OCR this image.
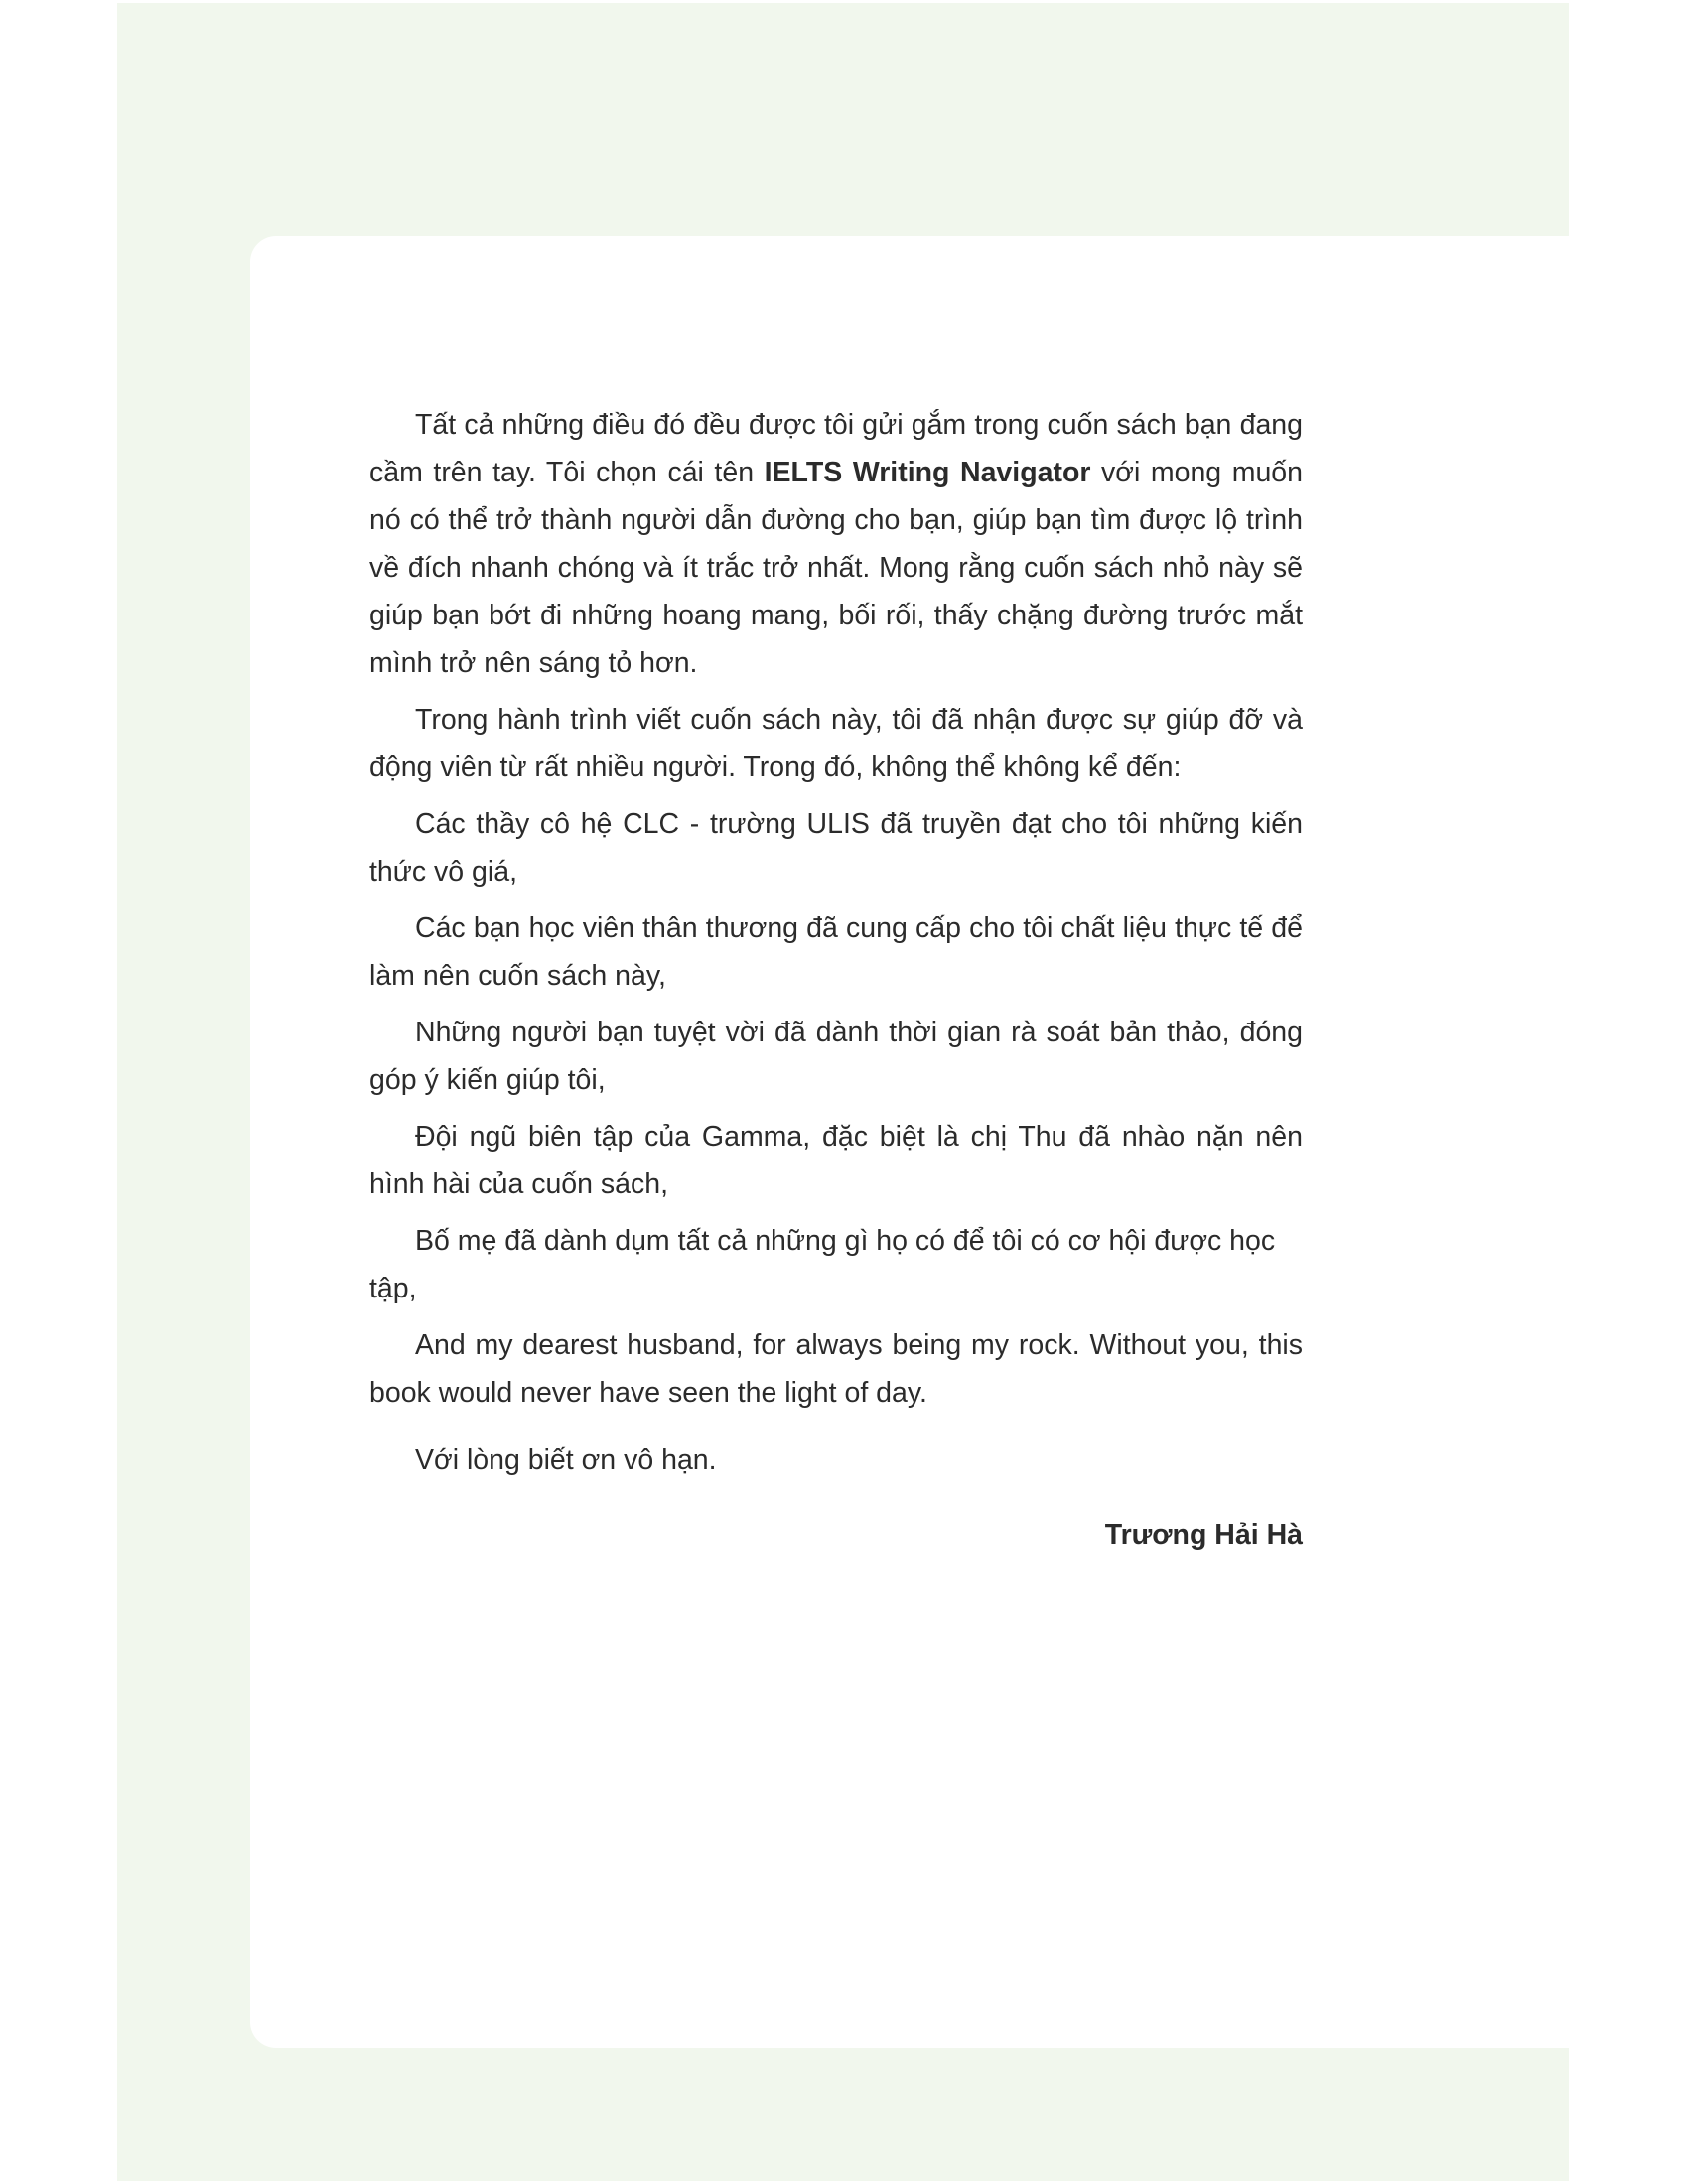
Tất cả những điều đó đều được tôi gửi gắm trong cuốn sách bạn đang cầm trên tay. Tôi chọn cái tên IELTS Writing Navigator với mong muốn nó có thể trở thành người dẫn đường cho bạn, giúp bạn tìm được lộ trình về đích nhanh chóng và ít trắc trở nhất. Mong rằng cuốn sách nhỏ này sẽ giúp bạn bớt đi những hoang mang, bối rối, thấy chặng đường trước mắt mình trở nên sáng tỏ hơn.

Trong hành trình viết cuốn sách này, tôi đã nhận được sự giúp đỡ và động viên từ rất nhiều người. Trong đó, không thể không kể đến:

Các thầy cô hệ CLC - trường ULIS đã truyền đạt cho tôi những kiến thức vô giá,

Các bạn học viên thân thương đã cung cấp cho tôi chất liệu thực tế để làm nên cuốn sách này,

Những người bạn tuyệt vời đã dành thời gian rà soát bản thảo, đóng góp ý kiến giúp tôi,

Đội ngũ biên tập của Gamma, đặc biệt là chị Thu đã nhào nặn nên hình hài của cuốn sách,

Bố mẹ đã dành dụm tất cả những gì họ có để tôi có cơ hội được học tập,

And my dearest husband, for always being my rock. Without you, this book would never have seen the light of day.

Với lòng biết ơn vô hạn.

Trương Hải Hà
